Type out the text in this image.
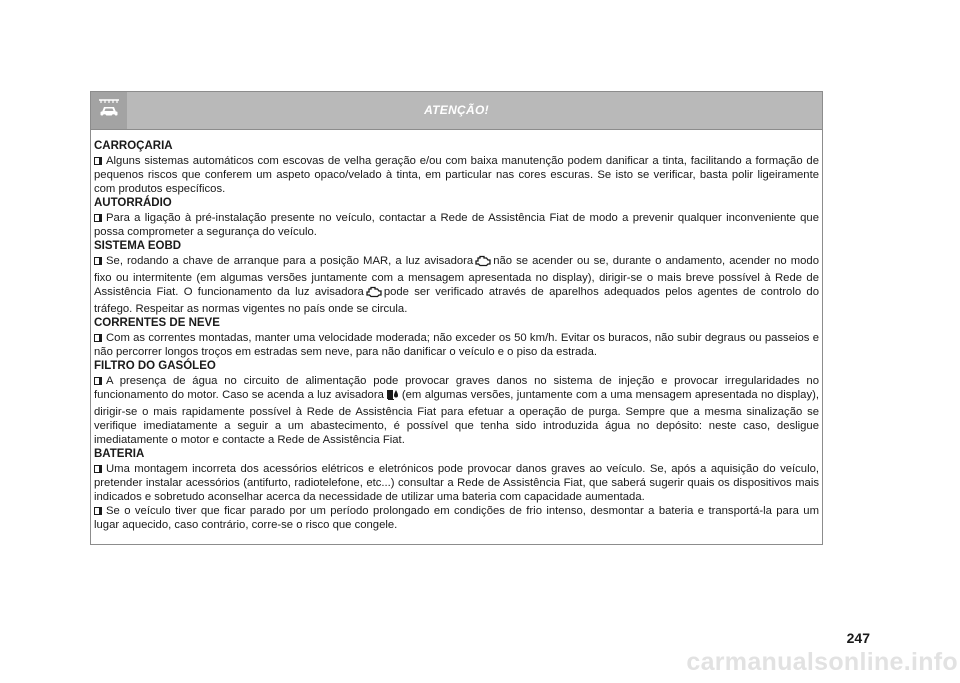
ATENÇÃO!

CARROÇARIA

Alguns sistemas automáticos com escovas de velha geração e/ou com baixa manutenção podem danificar a tinta, facilitando a formação de pequenos riscos que conferem um aspeto opaco/velado à tinta, em particular nas cores escuras. Se isto se verificar, basta polir ligeiramente com produtos específicos.

AUTORRÁDIO

Para a ligação à pré-instalação presente no veículo, contactar a Rede de Assistência Fiat de modo a prevenir qualquer inconveniente que possa comprometer a segurança do veículo.

SISTEMA EOBD

Se, rodando a chave de arranque para a posição MAR, a luz avisadora não se acender ou se, durante o andamento, acender no modo fixo ou intermitente (em algumas versões juntamente com a mensagem apresentada no display), dirigir-se o mais breve possível à Rede de Assistência Fiat. O funcionamento da luz avisadora pode ser verificado através de aparelhos adequados pelos agentes de controlo do tráfego. Respeitar as normas vigentes no país onde se circula.

CORRENTES DE NEVE

Com as correntes montadas, manter uma velocidade moderada; não exceder os 50 km/h. Evitar os buracos, não subir degraus ou passeios e não percorrer longos troços em estradas sem neve, para não danificar o veículo e o piso da estrada.

FILTRO DO GASÓLEO

A presença de água no circuito de alimentação pode provocar graves danos no sistema de injeção e provocar irregularidades no funcionamento do motor. Caso se acenda a luz avisadora (em algumas versões, juntamente com a uma mensagem apresentada no display), dirigir-se o mais rapidamente possível à Rede de Assistência Fiat para efetuar a operação de purga. Sempre que a mesma sinalização se verifique imediatamente a seguir a um abastecimento, é possível que tenha sido introduzida água no depósito: neste caso, desligue imediatamente o motor e contacte a Rede de Assistência Fiat.

BATERIA

Uma montagem incorreta dos acessórios elétricos e eletrónicos pode provocar danos graves ao veículo. Se, após a aquisição do veículo, pretender instalar acessórios (antifurto, radiotelefone, etc...) consultar a Rede de Assistência Fiat, que saberá sugerir quais os dispositivos mais indicados e sobretudo aconselhar acerca da necessidade de utilizar uma bateria com capacidade aumentada.

Se o veículo tiver que ficar parado por um período prolongado em condições de frio intenso, desmontar a bateria e transportá-la para um lugar aquecido, caso contrário, corre-se o risco que congele.

247
carmanualsonline.info
